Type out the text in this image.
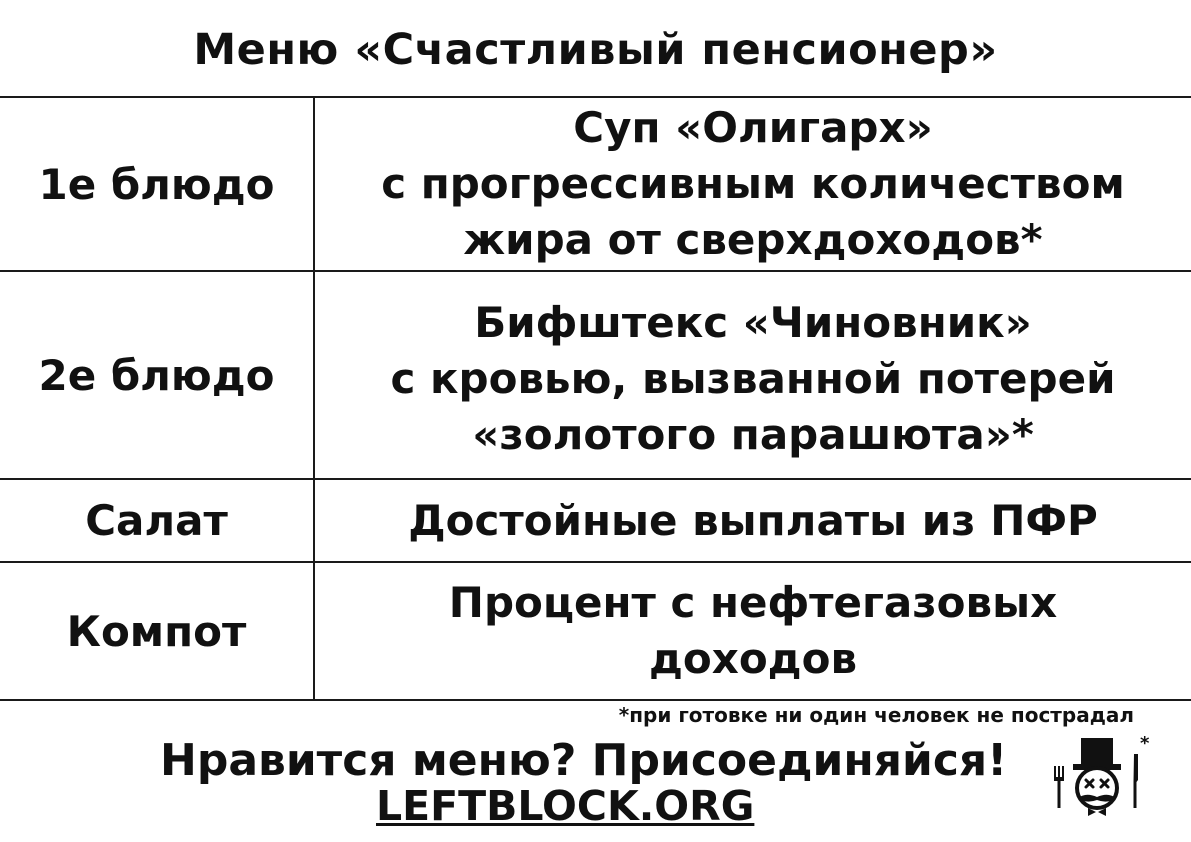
Меню «Счастливый пенсионер»
1е блюдо
Суп «Олигарх»
с прогрессивным количеством
жира от сверхдоходов*
2е блюдо
Бифштекс «Чиновник»
с кровью, вызванной потерей
«золотого парашюта»*
Салат	Достойные выплаты из ПФР
Компот
Процент с нефтегазовых
доходов
*при готовке ни один человек не пострадал
Нравится меню? Присоединяйся!
LEFTBLOCK.ORG
*
